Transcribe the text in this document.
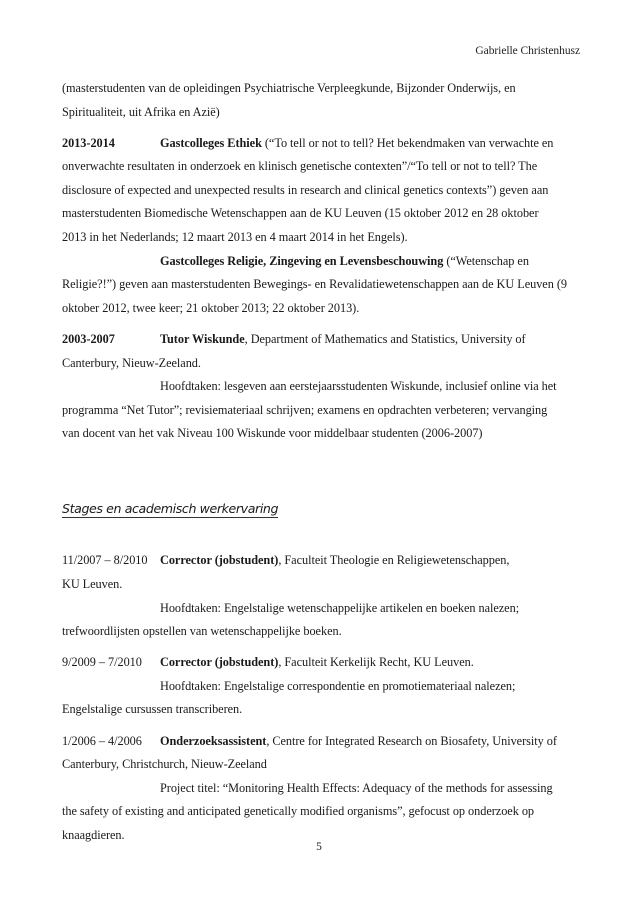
Gabrielle Christenhusz
(masterstudenten van de opleidingen Psychiatrische Verpleegkunde, Bijzonder Onderwijs, en
Spiritualiteit, uit Afrika en Azië)
2013-2014	Gastcolleges Ethiek (“To tell or not to tell? Het bekendmaken van verwachte en
onverwachte resultaten in onderzoek en klinisch genetische contexten”/“To tell or not to tell? The
disclosure of expected and unexpected results in research and clinical genetics contexts”) geven aan
masterstudenten Biomedische Wetenschappen aan de KU Leuven (15 oktober 2012 en 28 oktober
2013 in het Nederlands; 12 maart 2013 en 4 maart 2014 in het Engels).
Gastcolleges Religie, Zingeving en Levensbeschouwing (“Wetenschap en
Religie?!”) geven aan masterstudenten Bewegings- en Revalidatiewetenschappen aan de KU Leuven (9
oktober 2012, twee keer; 21 oktober 2013; 22 oktober 2013).
2003-2007	Tutor Wiskunde, Department of Mathematics and Statistics, University of
Canterbury, Nieuw-Zeeland.
Hoofdtaken: lesgeven aan eerstejaarsstudenten Wiskunde, inclusief online via het
programma “Net Tutor”; revisiemateriaal schrijven; examens en opdrachten verbeteren; vervanging
van docent van het vak Niveau 100 Wiskunde voor middelbaar studenten (2006-2007)
Stages en academisch werkervaring
11/2007 – 8/2010 Corrector (jobstudent), Faculteit Theologie en Religiewetenschappen,
KU Leuven.
Hoofdtaken: Engelstalige wetenschappelijke artikelen en boeken nalezen;
trefwoordlijsten opstellen van wetenschappelijke boeken.
9/2009 – 7/2010 Corrector (jobstudent), Faculteit Kerkelijk Recht, KU Leuven.
Hoofdtaken: Engelstalige correspondentie en promotiemateriaal nalezen;
Engelstalige cursussen transcriberen.
1/2006 – 4/2006 Onderzoeksassistent, Centre for Integrated Research on Biosafety, University of
Canterbury, Christchurch, Nieuw-Zeeland
Project titel: “Monitoring Health Effects: Adequacy of the methods for assessing
the safety of existing and anticipated genetically modified organisms”, gefocust op onderzoek op
knaagdieren.
5
